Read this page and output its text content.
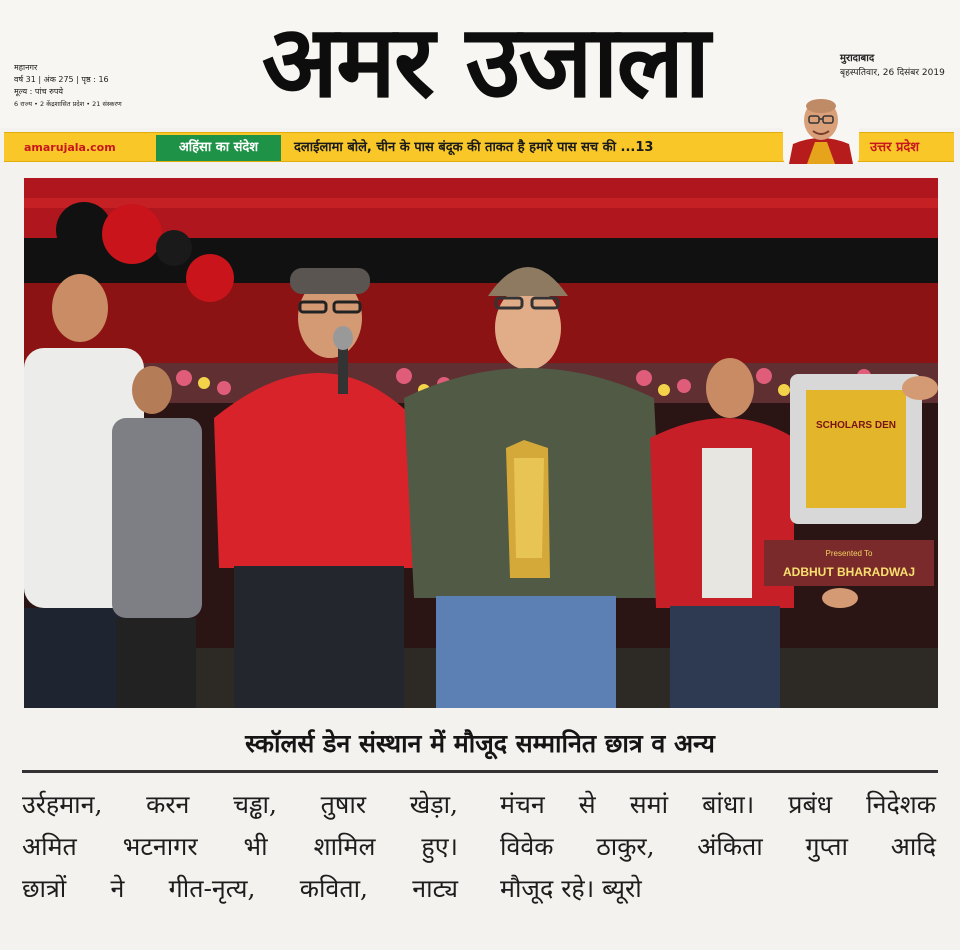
महानगर
वर्ष 31 | अंक 275 | पृष्ठ : 16
मूल्य : पांच रुपये
6 राज्य • 2 केंद्रशासित प्रदेश • 21 संस्करण	अमर उजाला	मुरादाबाद
बृहस्पतिवार, 26 दिसंबर 2019
amarujala.com	अहिंसा का संदेश	दलाईलामा बोले, चीन के पास बंदूक की ताकत है हमारे पास सच की ...13	उत्तर प्रदेश
SCHOLARS DEN
Presented To
ADBHUT BHARADWAJ
स्कॉलर्स डेन संस्थान में मौजूद सम्मानित छात्र व अन्य
उर्रहमान, करन चड्ढा, तुषार खेड़ा,
अमित भटनागर भी शामिल हुए।
छात्रों ने गीत-नृत्य, कविता, नाट्य
मंचन से समां बांधा। प्रबंध निदेशक
विवेक ठाकुर, अंकिता गुप्ता आदि
मौजूद रहे। ब्यूरो
